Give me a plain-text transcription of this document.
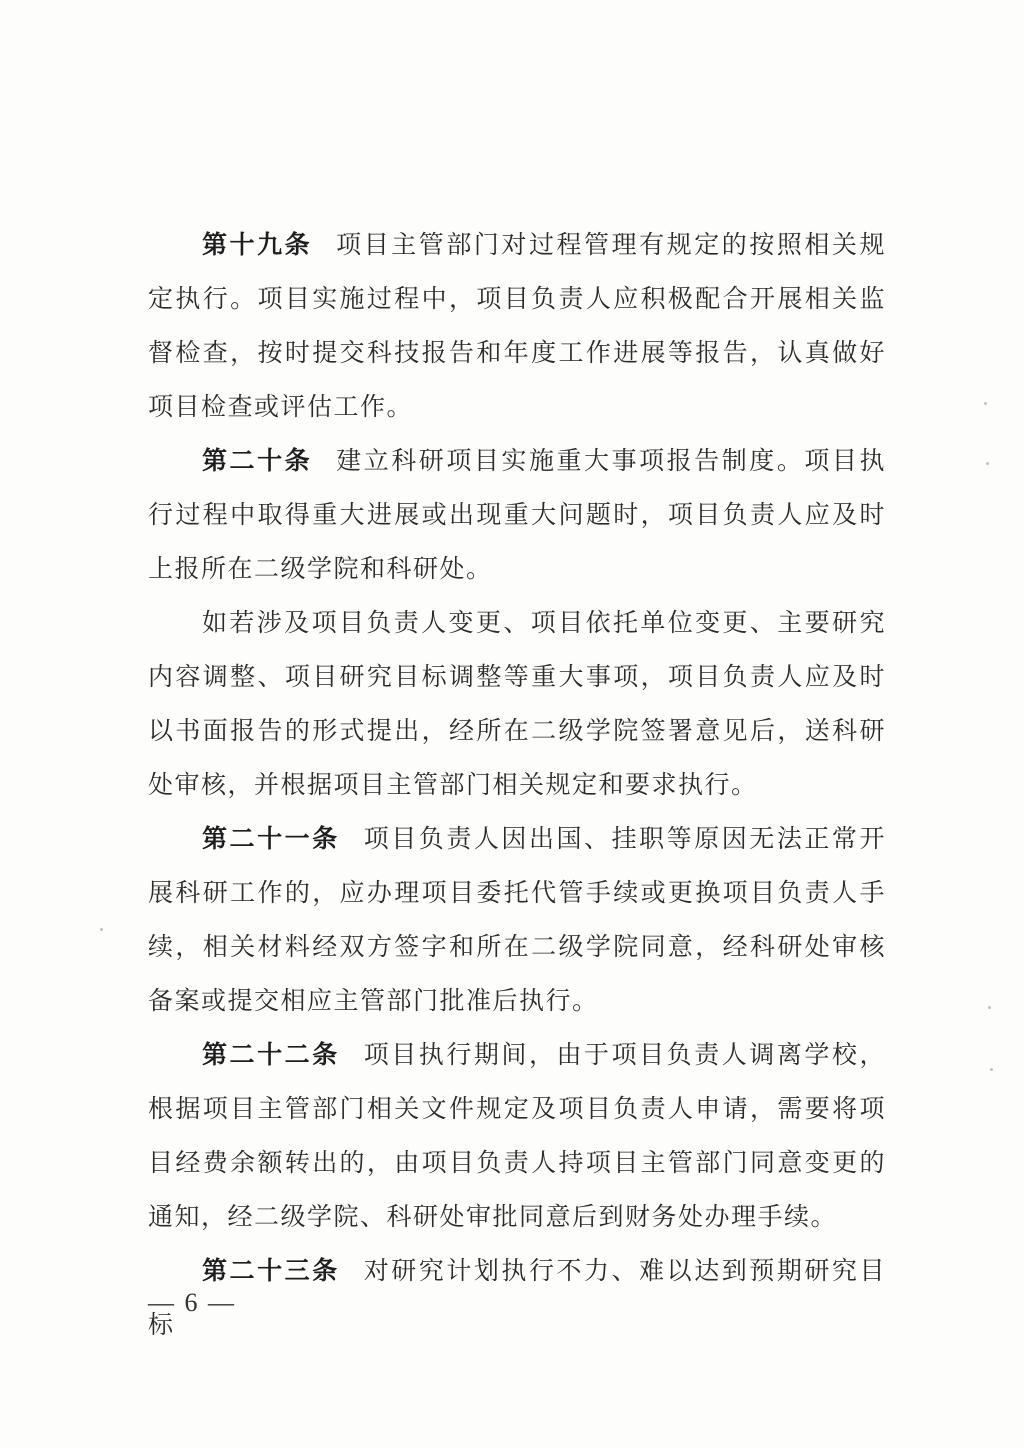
第十九条 项目主管部门对过程管理有规定的按照相关规定执行。项目实施过程中，项目负责人应积极配合开展相关监督检查，按时提交科技报告和年度工作进展等报告，认真做好项目检查或评估工作。

第二十条 建立科研项目实施重大事项报告制度。项目执行过程中取得重大进展或出现重大问题时，项目负责人应及时上报所在二级学院和科研处。

如若涉及项目负责人变更、项目依托单位变更、主要研究内容调整、项目研究目标调整等重大事项，项目负责人应及时以书面报告的形式提出，经所在二级学院签署意见后，送科研处审核，并根据项目主管部门相关规定和要求执行。

第二十一条 项目负责人因出国、挂职等原因无法正常开展科研工作的，应办理项目委托代管手续或更换项目负责人手续，相关材料经双方签字和所在二级学院同意，经科研处审核备案或提交相应主管部门批准后执行。

第二十二条 项目执行期间，由于项目负责人调离学校，根据项目主管部门相关文件规定及项目负责人申请，需要将项目经费余额转出的，由项目负责人持项目主管部门同意变更的通知，经二级学院、科研处审批同意后到财务处办理手续。

第二十三条 对研究计划执行不力、难以达到预期研究目标

— 6 —
